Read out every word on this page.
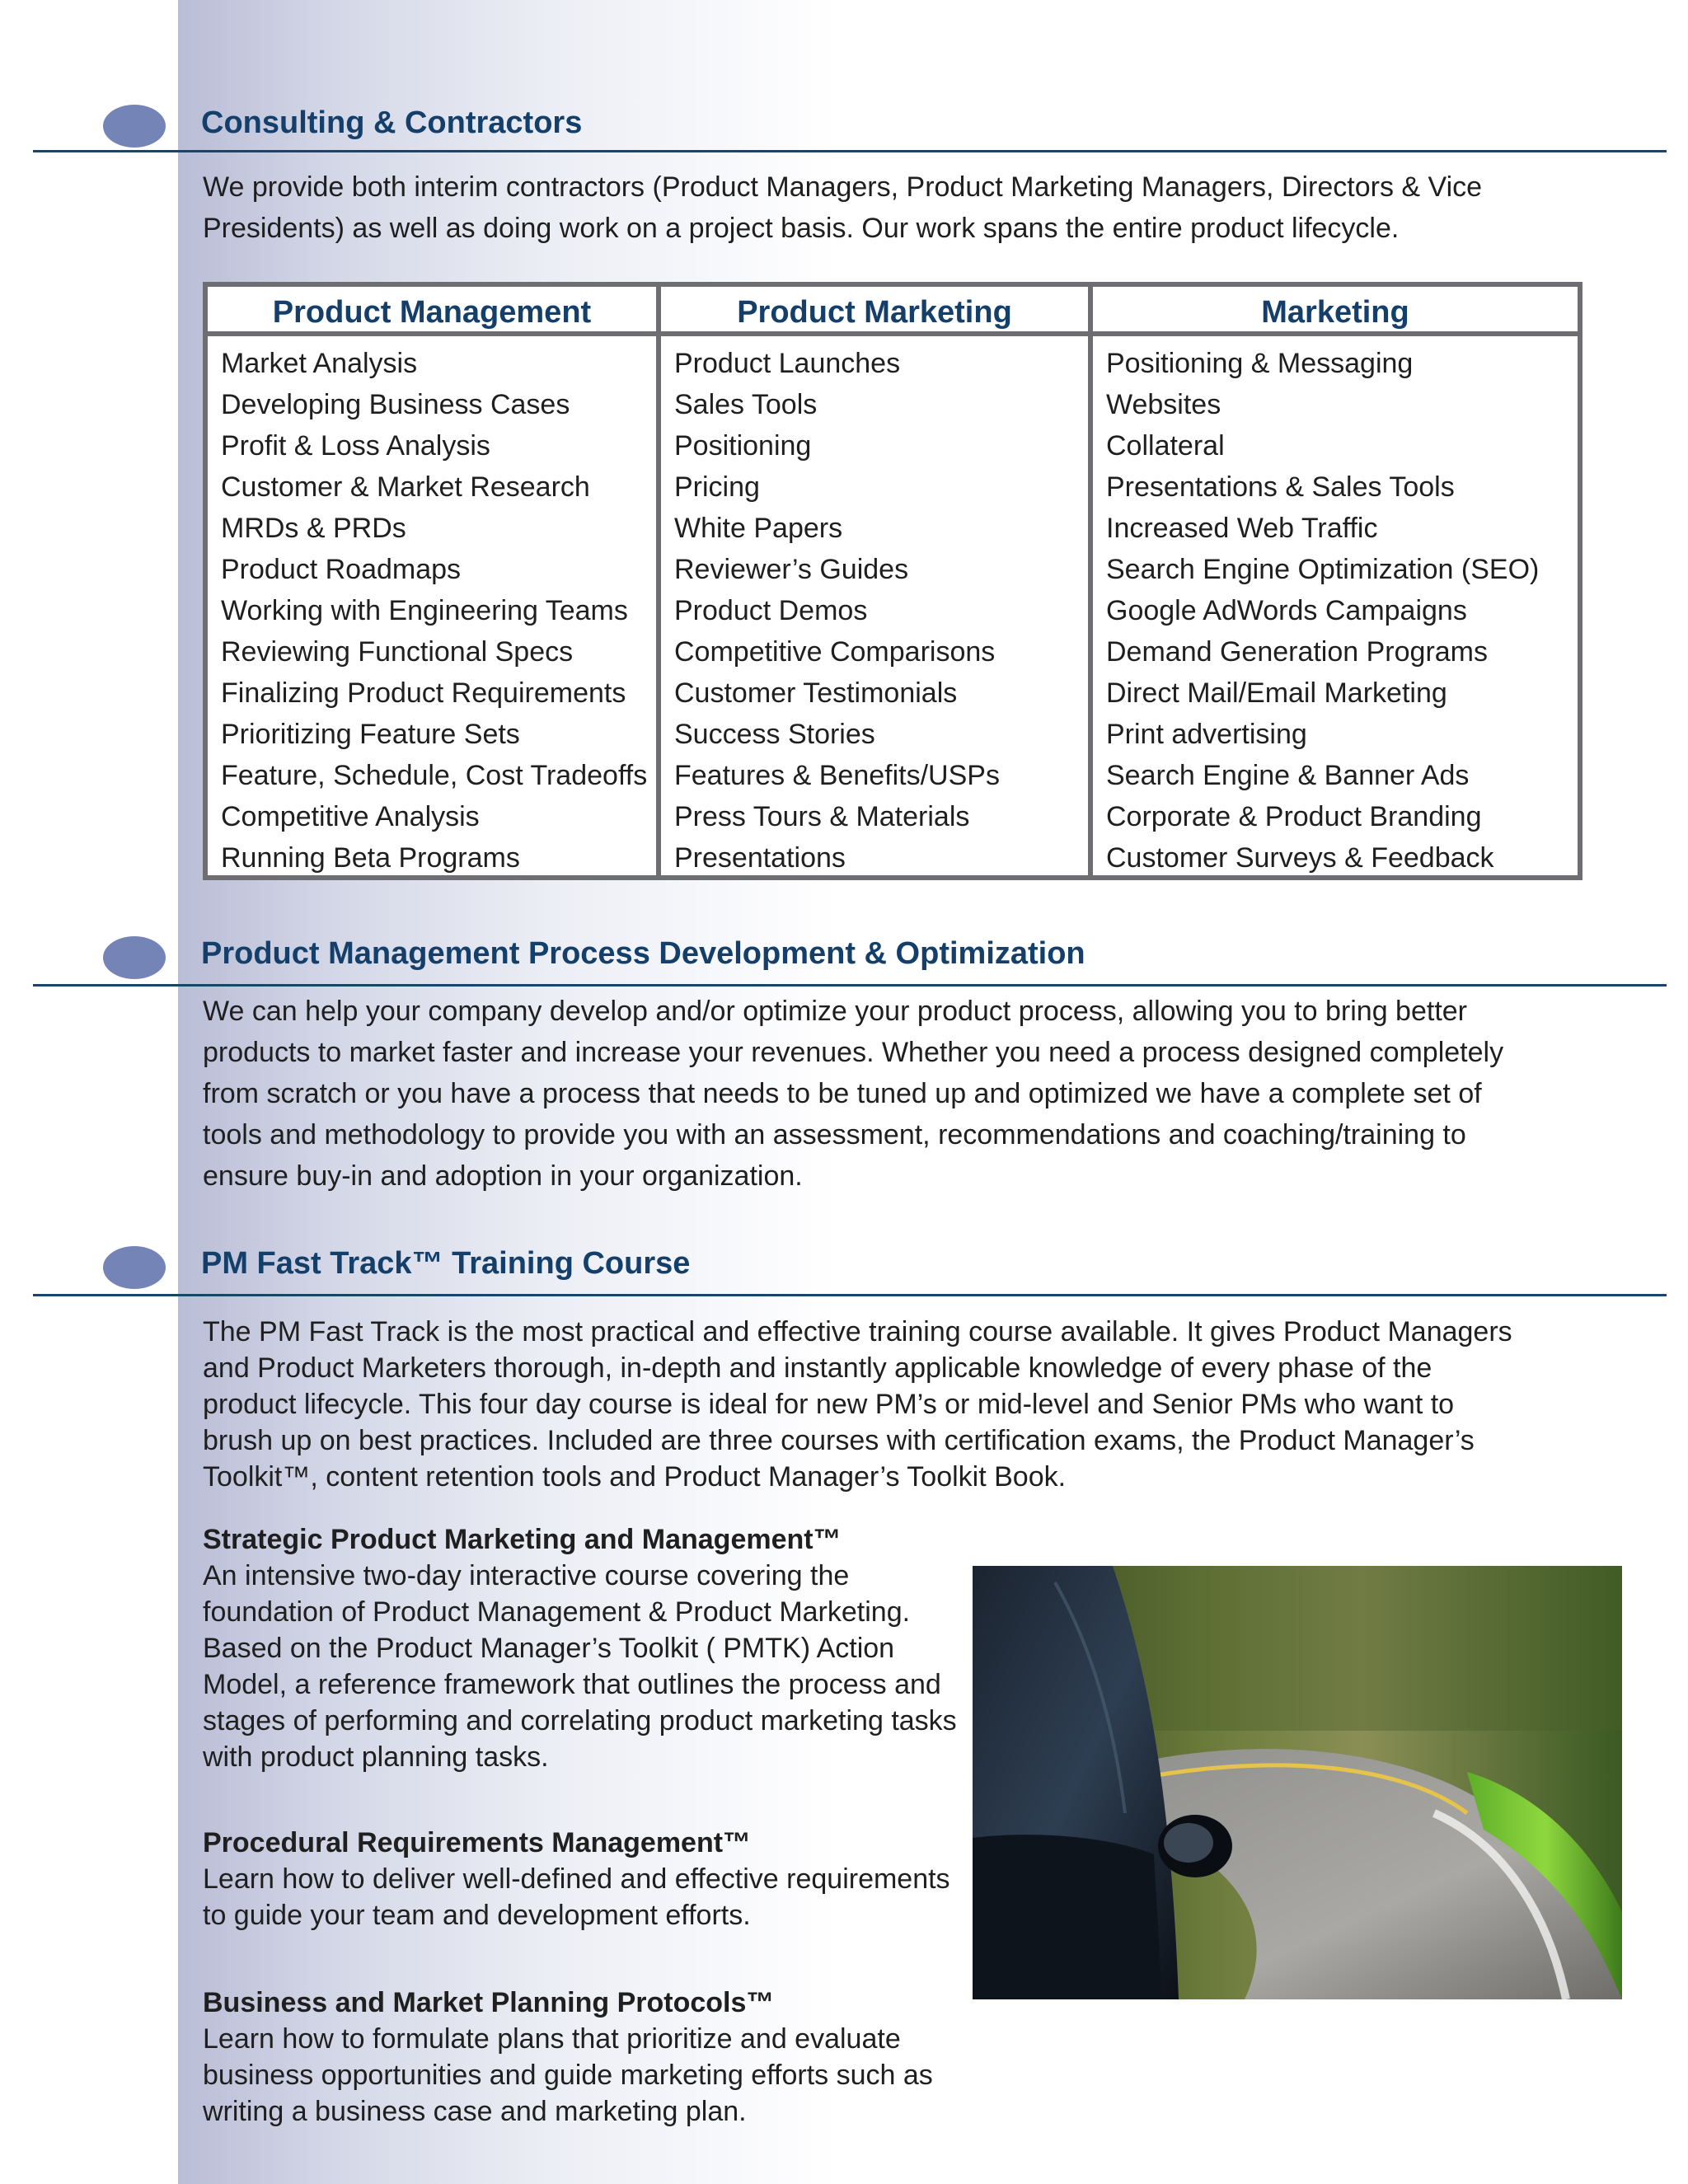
Consulting & Contractors
We provide both interim contractors (Product Managers, Product Marketing Managers, Directors & Vice Presidents) as well as doing work on a project basis. Our work spans the entire product lifecycle.
Product Management
Market Analysis
Developing Business Cases
Profit & Loss Analysis
Customer & Market Research
MRDs & PRDs
Product Roadmaps
Working with Engineering Teams
Reviewing Functional Specs
Finalizing Product Requirements
Prioritizing Feature Sets
Feature, Schedule, Cost Tradeoffs
Competitive Analysis
Running Beta Programs
Product Marketing
Product Launches
Sales Tools
Positioning
Pricing
White Papers
Reviewer’s Guides
Product Demos
Competitive Comparisons
Customer Testimonials
Success Stories
Features & Benefits/USPs
Press Tours & Materials
Presentations
Marketing
Positioning & Messaging
Websites
Collateral
Presentations & Sales Tools
Increased Web Traffic
Search Engine Optimization (SEO)
Google AdWords Campaigns
Demand Generation Programs
Direct Mail/Email Marketing
Print advertising
Search Engine & Banner Ads
Corporate & Product Branding
Customer Surveys & Feedback
Product Management Process Development & Optimization
We can help your company develop and/or optimize your product process, allowing you to bring better products to market faster and increase your revenues. Whether you need a process designed completely from scratch or you have a process that needs to be tuned up and optimized we have a complete set of tools and methodology to provide you with an assessment, recommendations and coaching/training to ensure buy-in and adoption in your organization.
PM Fast Track™ Training Course
The PM Fast Track is the most practical and effective training course available. It gives Product Managers and Product Marketers thorough, in-depth and instantly applicable knowledge of every phase of the product lifecycle. This four day course is ideal for new PM’s or mid-level and Senior PMs who want to brush up on best practices. Included are three courses with certification exams, the Product Manager’s Toolkit™, content retention tools and Product Manager’s Toolkit Book.
Strategic Product Marketing and Management™
An intensive two-day interactive course covering the foundation of Product Management & Product Marketing. Based on the Product Manager’s Toolkit ( PMTK) Action Model, a reference framework that outlines the process and stages of performing and correlating product marketing tasks with product planning tasks.
Procedural Requirements Management™
Learn how to deliver well-defined and effective requirements to guide your team and development efforts.
Business and Market Planning Protocols™
Learn how to formulate plans that prioritize and evaluate business opportunities and guide marketing efforts such as writing a business case and marketing plan.
